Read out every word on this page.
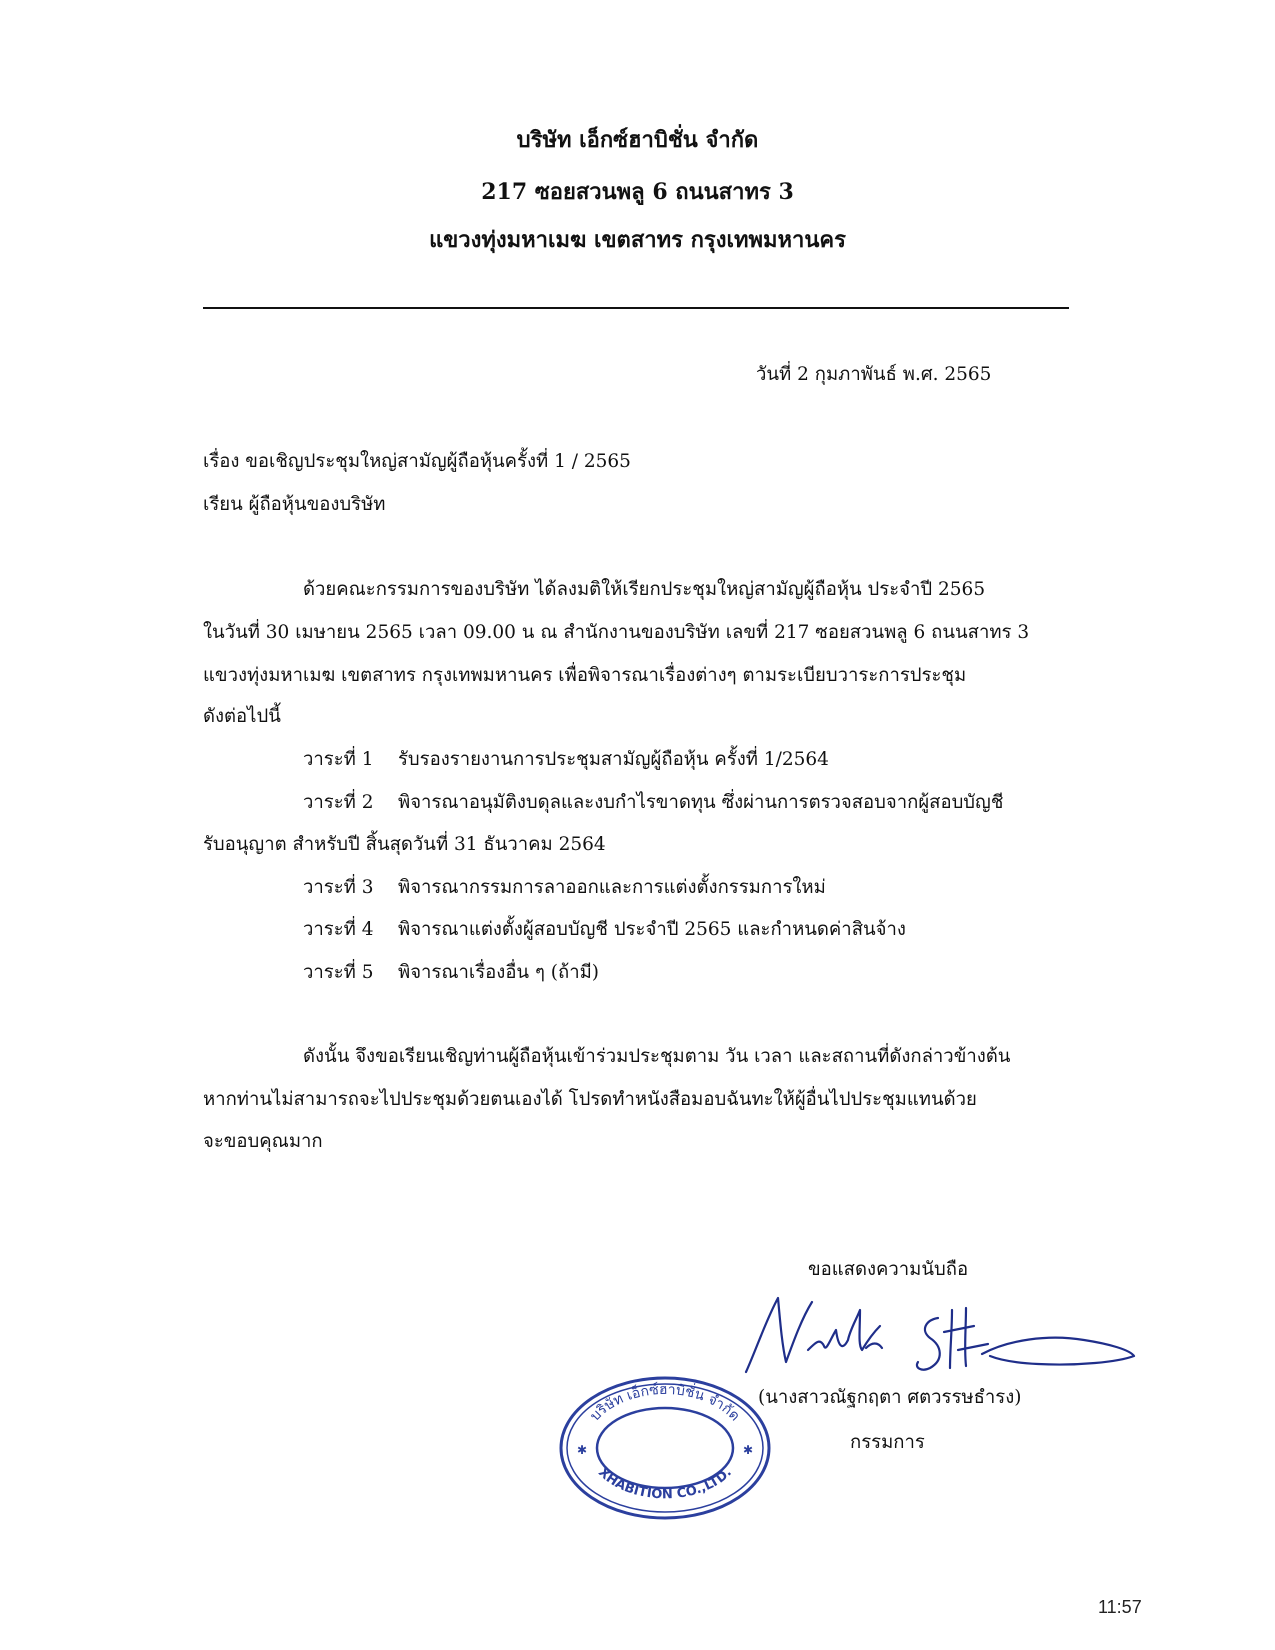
บริษัท เอ็กซ์ฮาบิชั่น จำกัด
217 ซอยสวนพลู 6 ถนนสาทร 3
แขวงทุ่งมหาเมฆ เขตสาทร กรุงเทพมหานคร
วันที่ 2 กุมภาพันธ์ พ.ศ. 2565
เรื่อง ขอเชิญประชุมใหญ่สามัญผู้ถือหุ้นครั้งที่ 1 / 2565
เรียน ผู้ถือหุ้นของบริษัท
ด้วยคณะกรรมการของบริษัท ได้ลงมติให้เรียกประชุมใหญ่สามัญผู้ถือหุ้น ประจำปี 2565
ในวันที่ 30 เมษายน 2565 เวลา 09.00 น ณ สำนักงานของบริษัท เลขที่ 217 ซอยสวนพลู 6 ถนนสาทร 3
แขวงทุ่งมหาเมฆ เขตสาทร กรุงเทพมหานคร เพื่อพิจารณาเรื่องต่างๆ ตามระเบียบวาระการประชุม
ดังต่อไปนี้
วาระที่ 1 รับรองรายงานการประชุมสามัญผู้ถือหุ้น ครั้งที่ 1/2564
วาระที่ 2 พิจารณาอนุมัติงบดุลและงบกำไรขาดทุน ซึ่งผ่านการตรวจสอบจากผู้สอบบัญชี
รับอนุญาต สำหรับปี สิ้นสุดวันที่ 31 ธันวาคม 2564
วาระที่ 3 พิจารณากรรมการลาออกและการแต่งตั้งกรรมการใหม่
วาระที่ 4 พิจารณาแต่งตั้งผู้สอบบัญชี ประจำปี 2565 และกำหนดค่าสินจ้าง
วาระที่ 5 พิจารณาเรื่องอื่น ๆ (ถ้ามี)
ดังนั้น จึงขอเรียนเชิญท่านผู้ถือหุ้นเข้าร่วมประชุมตาม วัน เวลา และสถานที่ดังกล่าวข้างต้น
หากท่านไม่สามารถจะไปประชุมด้วยตนเองได้ โปรดทำหนังสือมอบฉันทะให้ผู้อื่นไปประชุมแทนด้วย
จะขอบคุณมาก
ขอแสดงความนับถือ
บริษัท เอ็กซ์ฮาบิชั่น จำกัด
XHABITION CO.,LTD.
✱	✱
(นางสาวณัฐกฤตา ศตวรรษธำรง)
กรรมการ
11:57
